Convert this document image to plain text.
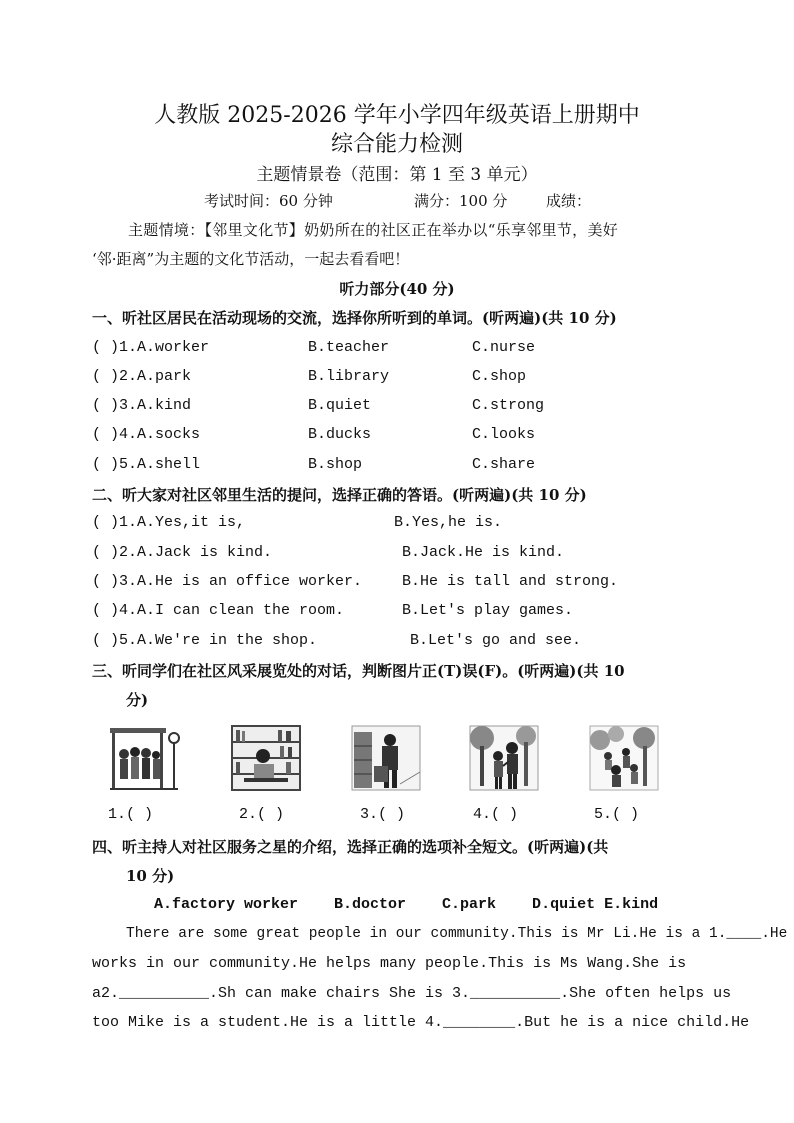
人教版 2025-2026 学年小学四年级英语上册期中
综合能力检测
主题情景卷（范围：第 1 至 3 单元）
考试时间：60 分钟	满分：100 分	成绩：
主题情境：【邻里文化节】奶奶所在的社区正在举办以“乐享邻里节，美好
‘邻·距离”为主题的文化节活动，一起去看看吧！
听力部分(40 分)
一、听社区居民在活动现场的交流，选择你所听到的单词。(听两遍)(共 10 分)
( )1.A.worker	B.teacher	C.nurse
( )2.A.park	B.library	C.shop
( )3.A.kind	B.quiet	C.strong
( )4.A.socks	B.ducks	C.looks
( )5.A.shell	B.shop	C.share
二、听大家对社区邻里生活的提问，选择正确的答语。(听两遍)(共 10 分)
( )1.A.Yes,it is,	B.Yes,he is.
( )2.A.Jack is kind.	B.Jack.He is kind.
( )3.A.He is an office worker.	B.He is tall and strong.
( )4.A.I can clean the room.	B.Let's play games.
( )5.A.We're in the shop.	B.Let's go and see.
三、听同学们在社区风采展览处的对话，判断图片正(T)误(F)。(听两遍)(共 10
分)
1.( )	2.( )	3.( )	4.( )	5.( )
四、听主持人对社区服务之星的介绍，选择正确的选项补全短文。(听两遍)(共
10 分)
A.factory worker    B.doctor    C.park    D.quiet E.kind
There are some great people in our community.This is Mr Li.He is a 1.____.He
works in our community.He helps many people.This is Ms Wang.She is
a2.__________.Sh can make chairs She is 3.__________.She often helps us
too Mike is a student.He is a little 4.________.But he is a nice child.He
